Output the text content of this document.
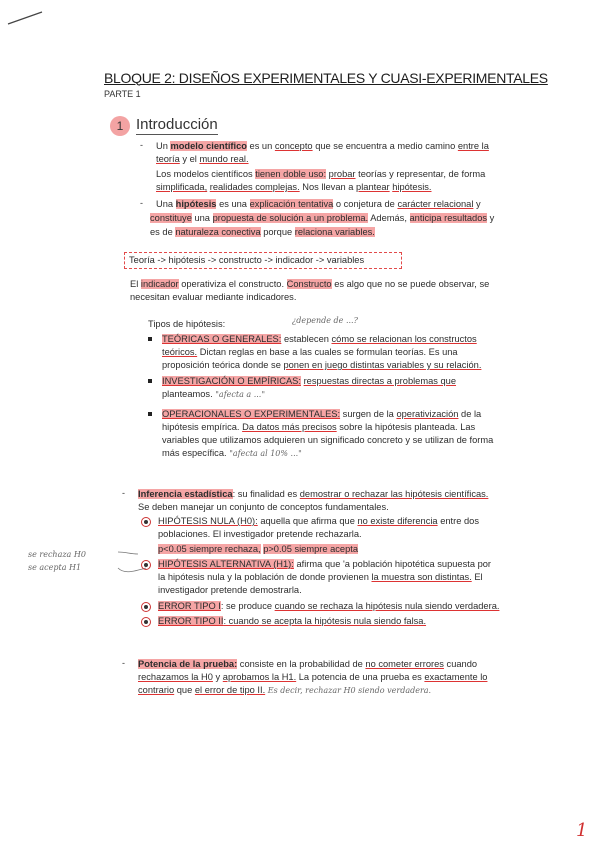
BLOQUE 2: DISEÑOS EXPERIMENTALES Y CUASI-EXPERIMENTALES
PARTE 1
1 Introducción
- Un modelo científico es un concepto que se encuentra a medio camino entre la
teoría y el mundo real.
Los modelos científicos tienen doble uso: probar teorías y representar, de forma
simplificada, realidades complejas. Nos llevan a plantear hipótesis.
- Una hipótesis es una explicación tentativa o conjetura de carácter relacional y
constituye una propuesta de solución a un problema. Además, anticipa resultados y
es de naturaleza conectiva porque relaciona variables.
Teoría -> hipótesis -> constructo -> indicador -> variables
El indicador operativiza el constructo. Constructo es algo que no se puede observar, se
necesitan evaluar mediante indicadores.
Tipos de hipótesis:	¿depende de ...?
TEÓRICAS O GENERALES: establecen cómo se relacionan los constructos
teóricos. Dictan reglas en base a las cuales se formulan teorías. Es una
proposición teórica donde se ponen en juego distintas variables y su relación.
INVESTIGACIÓN O EMPÍRICAS: respuestas directas a problemas que
planteamos. "afecta a ..."
OPERACIONALES O EXPERIMENTALES: surgen de la operativización de la
hipótesis empírica. Da datos más precisos sobre la hipótesis planteada. Las
variables que utilizamos adquieren un significado concreto y se utilizan de forma
más específica. "afecta al 10% ..."
- Inferencia estadística: su finalidad es demostrar o rechazar las hipótesis científicas.
Se deben manejar un conjunto de conceptos fundamentales.
HIPÓTESIS NULA (H0): aquella que afirma que no existe diferencia entre dos
poblaciones. El investigador pretende rechazarla.
se rechaza H0
se acepta H1
p<0.05 siempre rechaza, p>0.05 siempre acepta
HIPÓTESIS ALTERNATIVA (H1): afirma que 'a población hipotética supuesta por
la hipótesis nula y la población de donde provienen la muestra son distintas. El
investigador pretende demostrarla.
ERROR TIPO I: se produce cuando se rechaza la hipótesis nula siendo verdadera.
ERROR TIPO II: cuando se acepta la hipótesis nula siendo falsa.
- Potencia de la prueba: consiste en la probabilidad de no cometer errores cuando
rechazamos la H0 y aprobamos la H1. La potencia de una prueba es exactamente lo
contrario que el error de tipo II. Es decir, rechazar H0 siendo verdadera.
1
